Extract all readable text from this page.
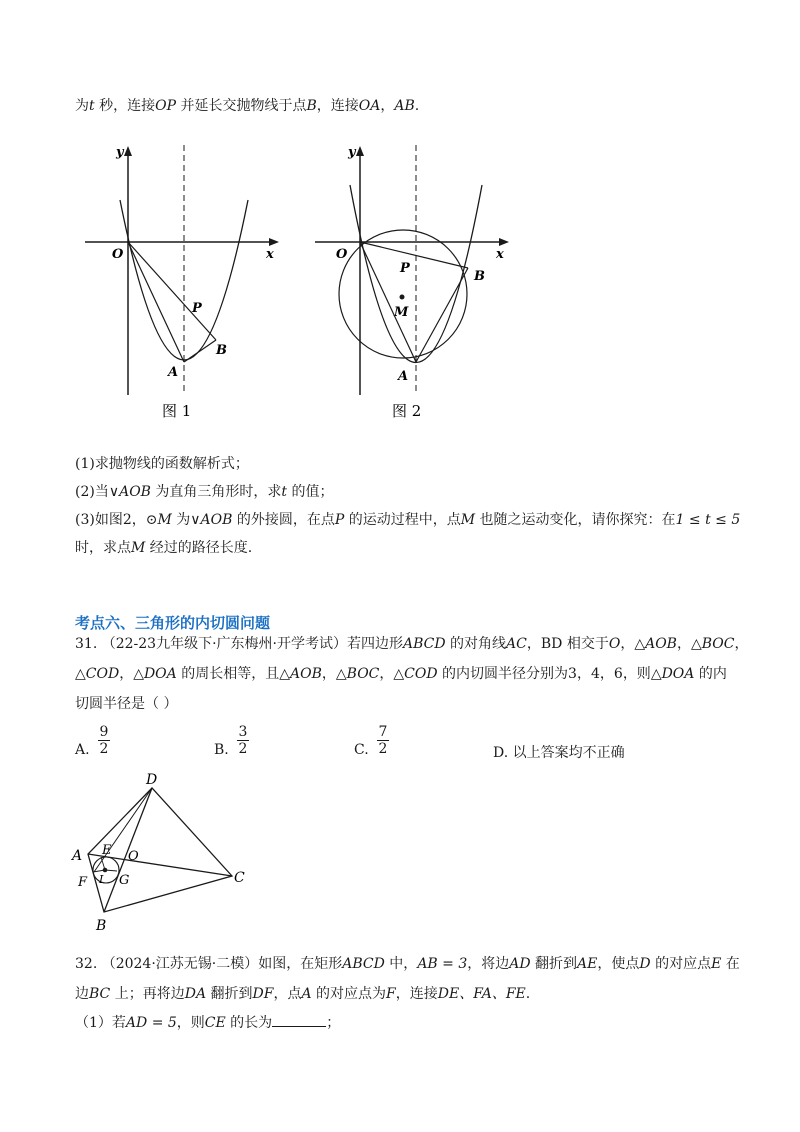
为t 秒，连接OP 并延长交抛物线于点B，连接OA，AB.
y
x
O
P
B
A
图 1
y
x
O
P
B
M
A
图 2
(1)求抛物线的函数解析式；
(2)当∨AOB 为直角三角形时，求t 的值；
(3)如图2，⊙M 为∨AOB 的外接圆，在点P 的运动过程中，点M 也随之运动变化，请你探究：在1 ≤ t ≤ 5
时，求点M 经过的路径长度.
考点六、三角形的内切圆问题
31. （22-23九年级下·广东梅州·开学考试）若四边形ABCD 的对角线AC，BD 相交于O，△AOB，△BOC，
△COD，△DOA 的周长相等，且△AOB，△BOC，△COD 的内切圆半径分别为3，4，6，则△DOA 的内
切圆半径是（ ）
A.
9
2	B.
3
2	C.
7
2	D. 以上答案均不正确
D
A E O
F I G	C
B
32. （2024·江苏无锡·二模）如图，在矩形ABCD 中，AB = 3，将边AD 翻折到AE，使点D 的对应点E 在
边BC 上；再将边DA 翻折到DF，点A 的对应点为F，连接DE、FA、FE.
（1）若AD = 5，则CE 的长为	；
